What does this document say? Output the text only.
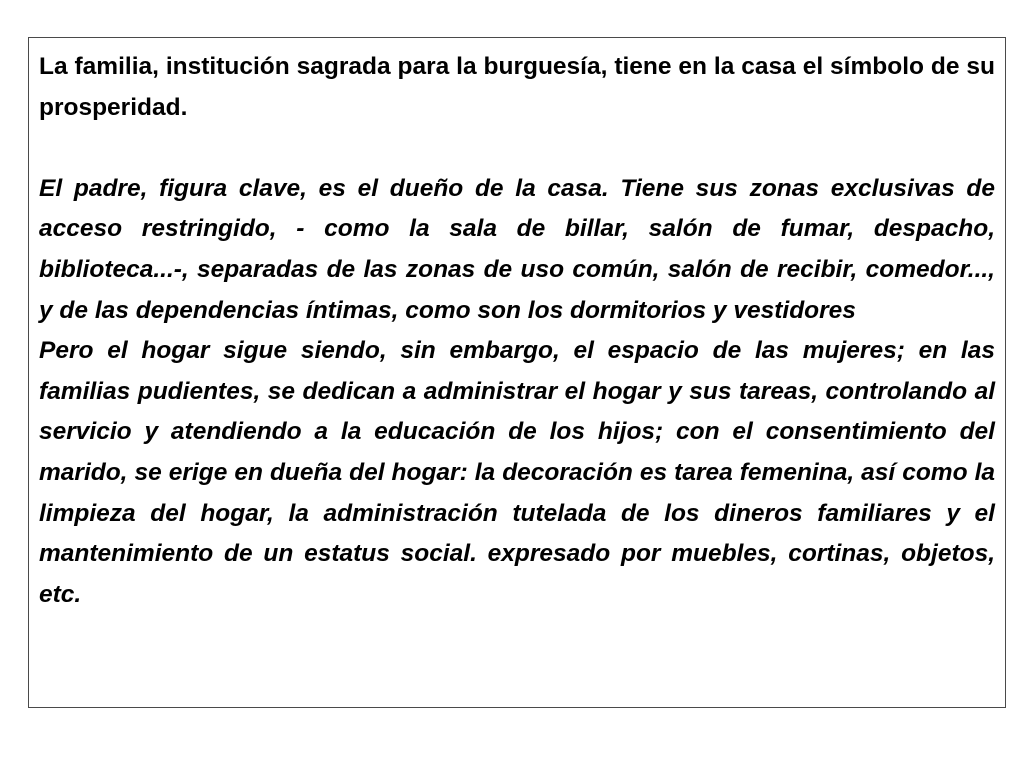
La familia, institución sagrada para la burguesía, tiene en la casa el símbolo de su prosperidad.

El padre, figura clave, es el dueño de la casa. Tiene sus zonas exclusivas de acceso restringido, - como la sala de billar, salón de fumar, despacho, biblioteca...-, separadas de las zonas de uso común, salón de recibir, comedor..., y de las dependencias íntimas, como son los dormitorios y vestidores

Pero el hogar sigue siendo, sin embargo, el espacio de las mujeres; en las familias pudientes, se dedican a administrar el hogar y sus tareas, controlando al servicio y atendiendo a la educación de los hijos; con el consentimiento del marido, se erige en dueña del hogar: la decoración es tarea femenina, así como la limpieza del hogar, la administración tutelada de los dineros familiares y el mantenimiento de un estatus social. expresado por muebles, cortinas, objetos, etc.
